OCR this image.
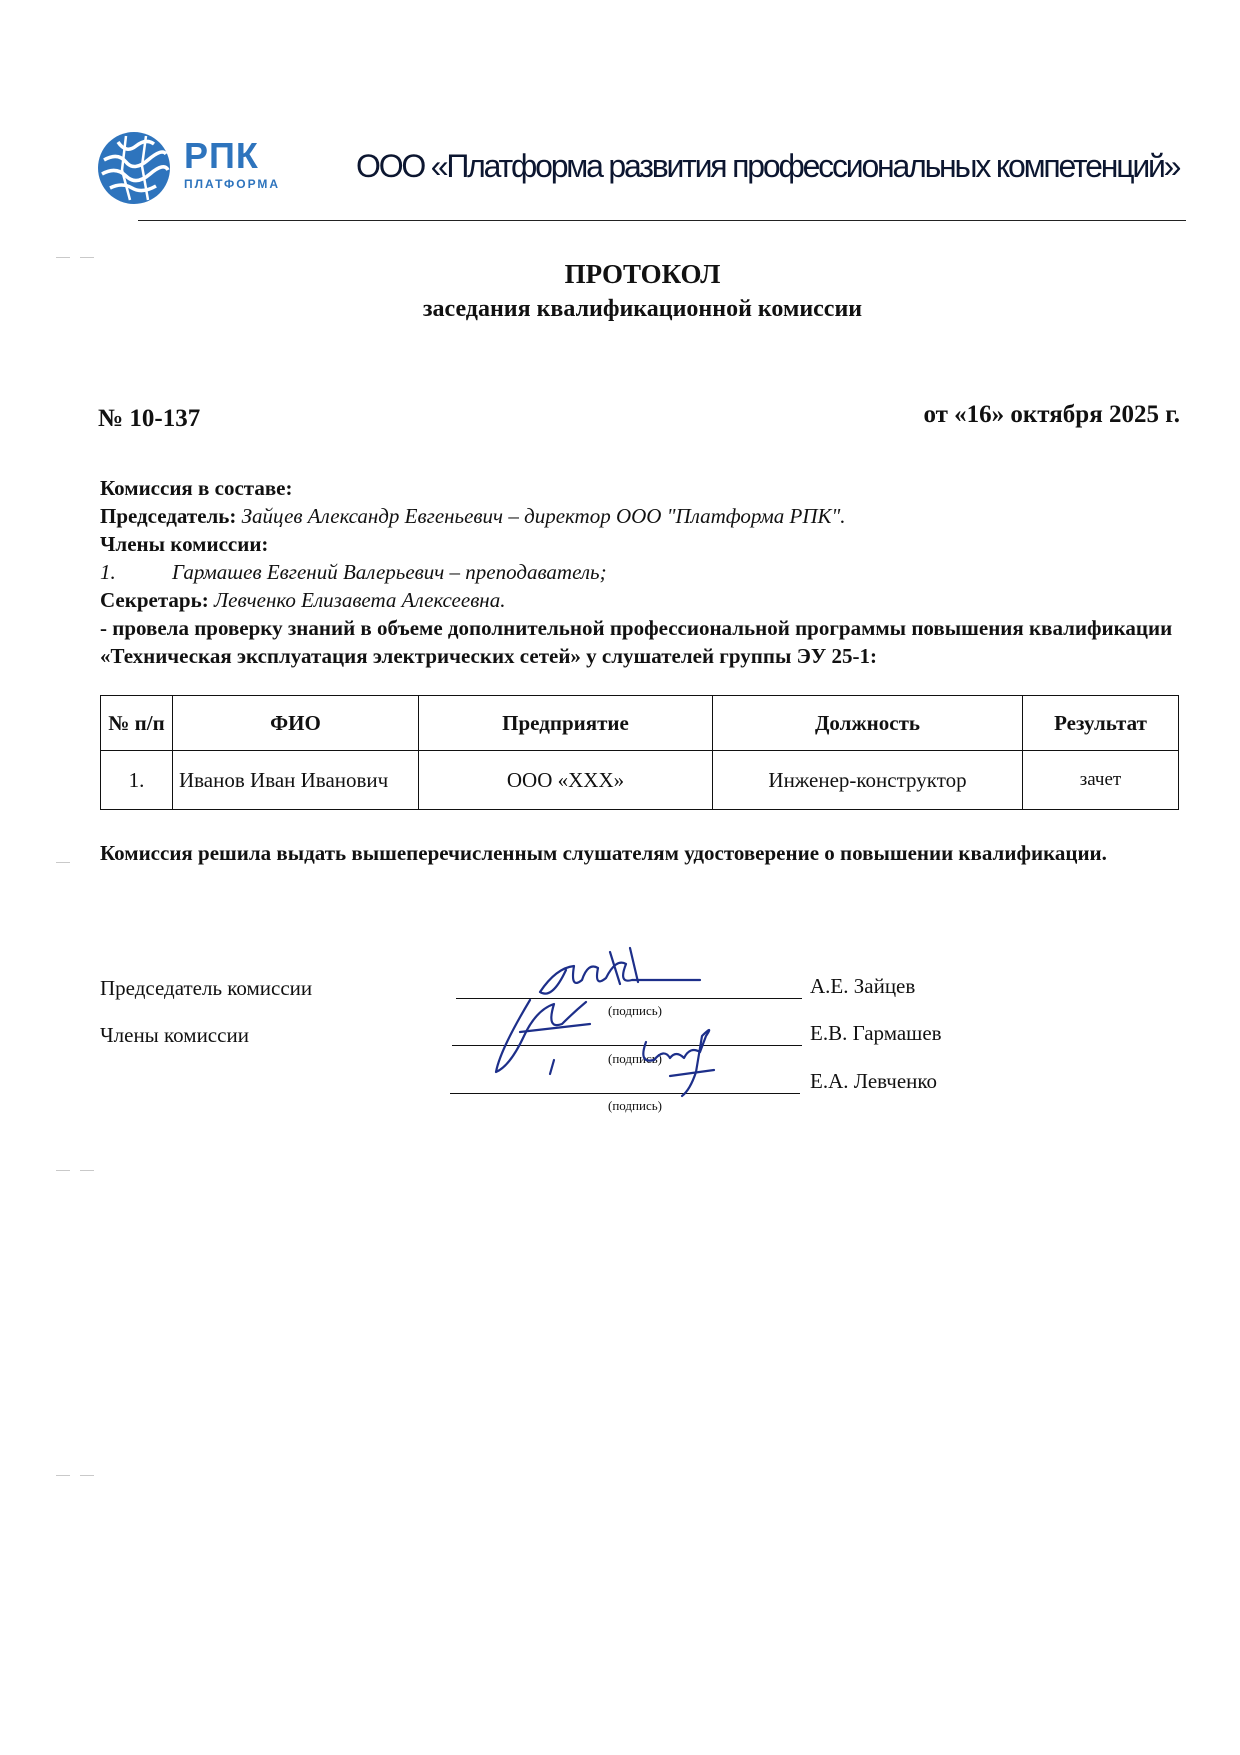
РПК
ПЛАТФОРМА ООО «Платформа развития профессиональных компетенций»
ПРОТОКОЛ
заседания квалификационной комиссии
№ 10-137	от «16» октября 2025 г.
Комиссия в составе:
Председатель: Зайцев Александр Евгеньевич – директор ООО "Платформа РПК".
Члены комиссии:
1.	Гармашев Евгений Валерьевич – преподаватель;
Секретарь: Левченко Елизавета Алексеевна.
- провела проверку знаний в объеме дополнительной профессиональной программы повышения квалификации «Техническая эксплуатация электрических сетей» у слушателей группы ЭУ 25-1:
№ п/п	ФИО	Предприятие	Должность	Результат
1.	Иванов Иван Иванович	ООО «ХХХ»	Инженер-конструктор	зачет
Комиссия решила выдать вышеперечисленным слушателям удостоверение о повышении квалификации.
Председатель комиссии
(подпись)
А.Е. Зайцев
Члены комиссии
(подпись)
Е.В. Гармашев
(подпись)
Е.А. Левченко
